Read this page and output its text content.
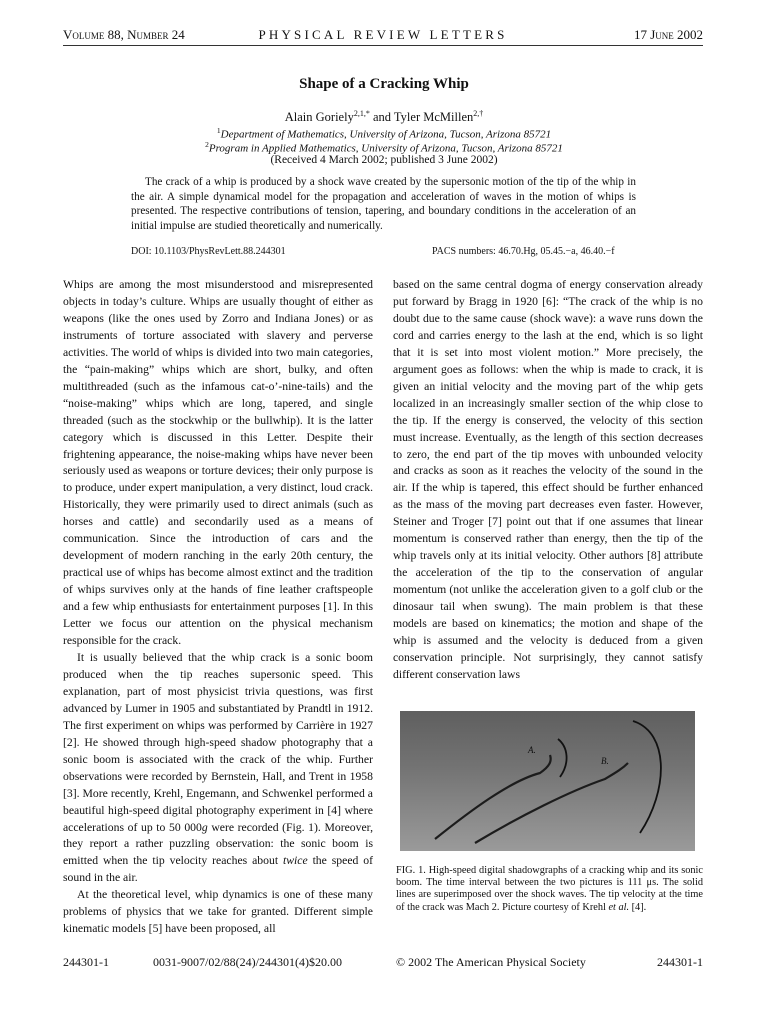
Volume 88, Number 24	PHYSICAL REVIEW LETTERS	17 June 2002
Shape of a Cracking Whip
Alain Goriely$^{2,1,*}$ and Tyler McMillen$^{2,\dagger}$
$^1$Department of Mathematics, University of Arizona, Tucson, Arizona 85721
$^2$Program in Applied Mathematics, University of Arizona, Tucson, Arizona 85721
(Received 4 March 2002; published 3 June 2002)
The crack of a whip is produced by a shock wave created by the supersonic motion of the tip of the whip in the air. A simple dynamical model for the propagation and acceleration of waves in the motion of whips is presented. The respective contributions of tension, tapering, and boundary conditions in the acceleration of an initial impulse are studied theoretically and numerically.
DOI: 10.1103/PhysRevLett.88.244301	PACS numbers: 46.70.Hg, 05.45.−a, 46.40.−f

Whips are among the most misunderstood and misrepresented objects in today’s culture. Whips are usually thought of either as weapons (like the ones used by Zorro and Indiana Jones) or as instruments of torture associated with slavery and perverse activities. The world of whips is divided into two main categories, the “pain-making” whips which are short, bulky, and often multithreaded (such as the infamous cat-o’-nine-tails) and the “noise-making” whips which are long, tapered, and single threaded (such as the stockwhip or the bullwhip). It is the latter category which is discussed in this Letter. Despite their frightening appearance, the noise-making whips have never been seriously used as weapons or torture devices; their only purpose is to produce, under expert manipulation, a very distinct, loud crack. Historically, they were primarily used to direct animals (such as horses and cattle) and secondarily used as a means of communication. Since the introduction of cars and the development of modern ranching in the early 20th century, the practical use of whips has become almost extinct and the tradition of whips survives only at the hands of fine leather craftspeople and a few whip enthusiasts for entertainment purposes [1]. In this Letter we focus our attention on the physical mechanism responsible for the crack.

It is usually believed that the whip crack is a sonic boom produced when the tip reaches supersonic speed. This explanation, part of most physicist trivia questions, was first advanced by Lumer in 1905 and substantiated by Prandtl in 1912. The first experiment on whips was performed by Carrière in 1927 [2]. He showed through high-speed shadow photography that a sonic boom is associated with the crack of the whip. Further observations were recorded by Bernstein, Hall, and Trent in 1958 [3]. More recently, Krehl, Engemann, and Schwenkel performed a beautiful high-speed digital photography experiment in [4] where accelerations of up to 50 000g were recorded (Fig. 1). Moreover, they report a rather puzzling observation: the sonic boom is emitted when the tip velocity reaches about twice the speed of sound in the air.

At the theoretical level, whip dynamics is one of these many problems of physics that we take for granted. Different simple kinematic models [5] have been proposed, all

based on the same central dogma of energy conservation already put forward by Bragg in 1920 [6]: “The crack of the whip is no doubt due to the same cause (shock wave): a wave runs down the cord and carries energy to the lash at the end, which is so light that it is set into most violent motion.” More precisely, the argument goes as follows: when the whip is made to crack, it is given an initial velocity and the moving part of the whip gets localized in an increasingly smaller section of the whip close to the tip. If the energy is conserved, the velocity of this section must increase. Eventually, as the length of this section decreases to zero, the end part of the tip moves with unbounded velocity and cracks as soon as it reaches the velocity of the sound in the air. If the whip is tapered, this effect should be further enhanced as the mass of the moving part decreases even faster. However, Steiner and Troger [7] point out that if one assumes that linear momentum is conserved rather than energy, then the tip of the whip travels only at its initial velocity. Other authors [8] attribute the acceleration of the tip to the conservation of angular momentum (not unlike the acceleration given to a golf club or the dinosaur tail when swung). The main problem is that these models are based on kinematics; the motion and shape of the whip is assumed and the velocity is deduced from a given conservation principle. Not surprisingly, they cannot satisfy different conservation laws

A.
B.
FIG. 1. High-speed digital shadowgraphs of a cracking whip and its sonic boom. The time interval between the two pictures is 111 μs. The solid lines are superimposed over the shock waves. The tip velocity at the time of the crack was Mach 2. Picture courtesy of Krehl et al. [4].
244301-1	0031-9007/02/88(24)/244301(4)$20.00	© 2002 The American Physical Society	244301-1
